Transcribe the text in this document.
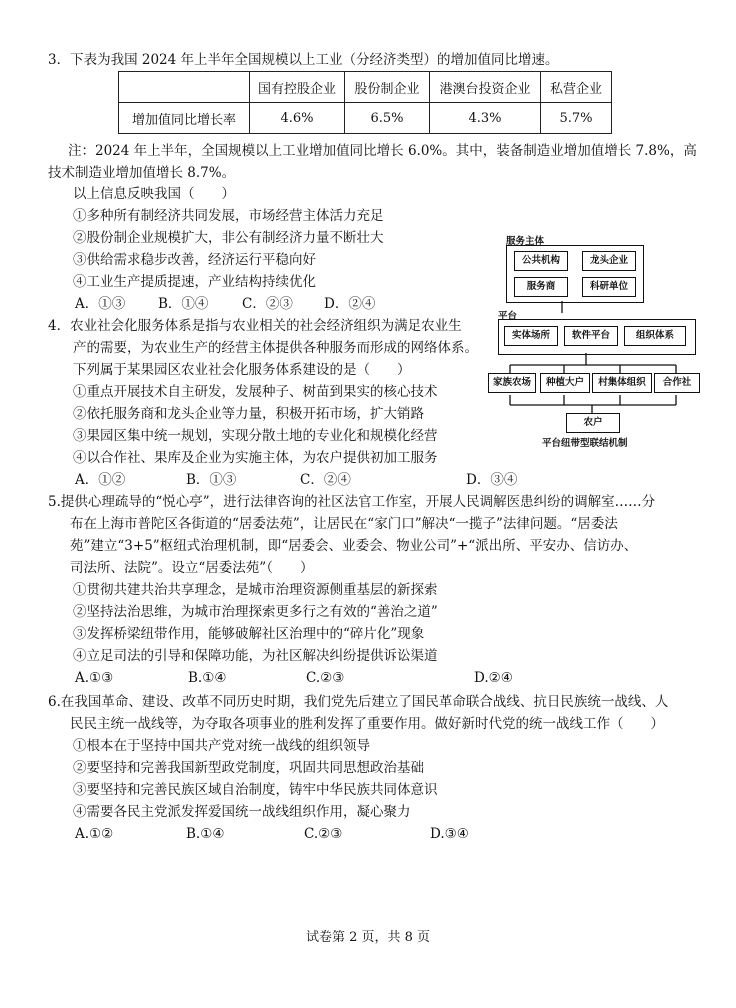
3．下表为我国 2024 年上半年全国规模以上工业（分经济类型）的增加值同比增速。
	国有控股企业	股份制企业	港澳台投资企业	私营企业
增加值同比增长率	4.6%	6.5%	4.3%	5.7%
注：2024 年上半年，全国规模以上工业增加值同比增长 6.0%。其中，装备制造业增加值增长 7.8%，高
技术制造业增加值增长 8.7%。
以上信息反映我国（　　）
①多种所有制经济共同发展，市场经营主体活力充足
②股份制企业规模扩大，非公有制经济力量不断壮大
③供给需求稳步改善，经济运行平稳向好
④工业生产提质提速，产业结构持续优化
A．①③ B．①④ C．②③ D．②④
4．农业社会化服务体系是指与农业相关的社会经济组织为满足农业生
产的需要，为农业生产的经营主体提供各种服务而形成的网络体系。
下列属于某果园区农业社会化服务体系建设的是（　　）
①重点开展技术自主研发，发展种子、树苗到果实的核心技术
②依托服务商和龙头企业等力量，积极开拓市场，扩大销路
③果园区集中统一规划，实现分散土地的专业化和规模化经营
④以合作社、果库及企业为实施主体，为农户提供初加工服务
A．①②	B．①③	C．②④	D．③④
服务主体
公共机构	龙头企业
服务商	科研单位
平台
实体场所	软件平台	组织体系
家族农场	种植大户	村集体组织	合作社
农户
平台纽带型联结机制
5.提供心理疏导的“悦心亭”，进行法律咨询的社区法官工作室，开展人民调解医患纠纷的调解室……分
布在上海市普陀区各街道的“居委法苑”，让居民在“家门口”解决“一揽子”法律问题。“居委法
苑”建立“3+5”枢纽式治理机制，即“居委会、业委会、物业公司”+“派出所、平安办、信访办、
司法所、法院”。设立“居委法苑”（　　）
①贯彻共建共治共享理念，是城市治理资源侧重基层的新探索
②坚持法治思维，为城市治理探索更多行之有效的“善治之道”
③发挥桥梁纽带作用，能够破解社区治理中的“碎片化”现象
④立足司法的引导和保障功能，为社区解决纠纷提供诉讼渠道
A.①③	B.①④	C.②③	D.②④
6.在我国革命、建设、改革不同历史时期，我们党先后建立了国民革命联合战线、抗日民族统一战线、人
民民主统一战线等，为夺取各项事业的胜利发挥了重要作用。做好新时代党的统一战线工作（　　）
①根本在于坚持中国共产党对统一战线的组织领导
②要坚持和完善我国新型政党制度，巩固共同思想政治基础
③要坚持和完善民族区域自治制度，铸牢中华民族共同体意识
④需要各民主党派发挥爱国统一战线组织作用，凝心聚力
A.①②	B.①④	C.②③	D.③④
试卷第 2 页，共 8 页
